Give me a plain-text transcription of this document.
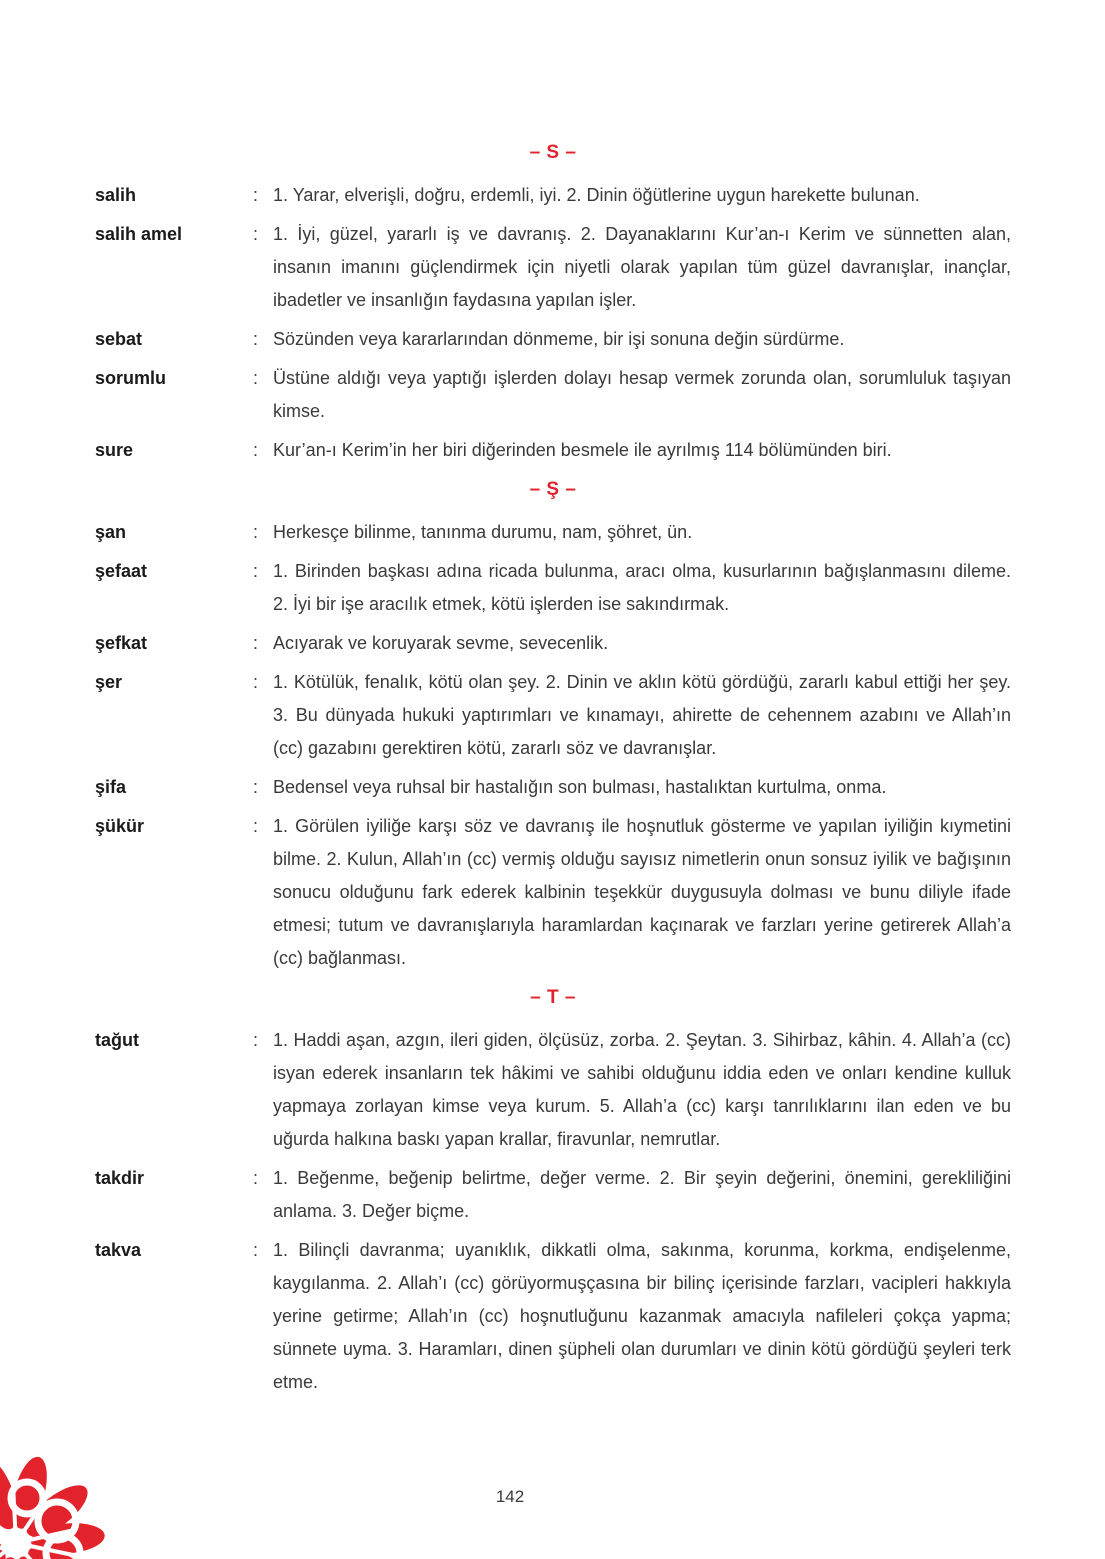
– S –
salih	: 1. Yarar, elverişli, doğru, erdemli, iyi. 2. Dinin öğütlerine uygun harekette bulunan.
salih amel	: 1. İyi, güzel, yararlı iş ve davranış. 2. Dayanaklarını Kur’an-ı Kerim ve sünnetten alan, insanın imanını güçlendirmek için niyetli olarak yapılan tüm güzel davranışlar, inançlar, ibadetler ve insanlığın faydasına yapılan işler.
sebat	: Sözünden veya kararlarından dönmeme, bir işi sonuna değin sürdürme.
sorumlu	: Üstüne aldığı veya yaptığı işlerden dolayı hesap vermek zorunda olan, sorumluluk taşıyan kimse.
sure	: Kur’an-ı Kerim’in her biri diğerinden besmele ile ayrılmış 114 bölümünden biri.
– Ş –
şan	: Herkesçe bilinme, tanınma durumu, nam, şöhret, ün.
şefaat	: 1. Birinden başkası adına ricada bulunma, aracı olma, kusurlarının bağışlanmasını dileme. 2. İyi bir işe aracılık etmek, kötü işlerden ise sakındırmak.
şefkat	: Acıyarak ve koruyarak sevme, sevecenlik.
şer	: 1. Kötülük, fenalık, kötü olan şey. 2. Dinin ve aklın kötü gördüğü, zararlı kabul ettiği her şey. 3. Bu dünyada hukuki yaptırımları ve kınamayı, ahirette de cehennem azabını ve Allah’ın (cc) gazabını gerektiren kötü, zararlı söz ve davranışlar.
şifa	: Bedensel veya ruhsal bir hastalığın son bulması, hastalıktan kurtulma, onma.
şükür	: 1. Görülen iyiliğe karşı söz ve davranış ile hoşnutluk gösterme ve yapılan iyiliğin kıymetini bilme. 2. Kulun, Allah’ın (cc) vermiş olduğu sayısız nimetlerin onun sonsuz iyilik ve bağışının sonucu olduğunu fark ederek kalbinin teşekkür duygusuyla dolması ve bunu diliyle ifade etmesi; tutum ve davranışlarıyla haramlardan kaçınarak ve farzları yerine getirerek Allah’a (cc) bağlanması.
– T –
tağut	: 1. Haddi aşan, azgın, ileri giden, ölçüsüz, zorba. 2. Şeytan. 3. Sihirbaz, kâhin. 4. Allah’a (cc) isyan ederek insanların tek hâkimi ve sahibi olduğunu iddia eden ve onları kendine kulluk yapmaya zorlayan kimse veya kurum. 5. Allah’a (cc) karşı tanrılıklarını ilan eden ve bu uğurda halkına baskı yapan krallar, firavunlar, nemrutlar.
takdir	: 1. Beğenme, beğenip belirtme, değer verme. 2. Bir şeyin değerini, önemini, gerekliliğini anlama. 3. Değer biçme.
takva	: 1. Bilinçli davranma; uyanıklık, dikkatli olma, sakınma, korunma, korkma, endişelenme, kaygılanma. 2. Allah’ı (cc) görüyormuşçasına bir bilinç içerisinde farzları, vacipleri hakkıyla yerine getirme; Allah’ın (cc) hoşnutluğunu kazanmak amacıyla nafileleri çokça yapma; sünnete uyma. 3. Haramları, dinen şüpheli olan durumları ve dinin kötü gördüğü şeyleri terk etme.
142
